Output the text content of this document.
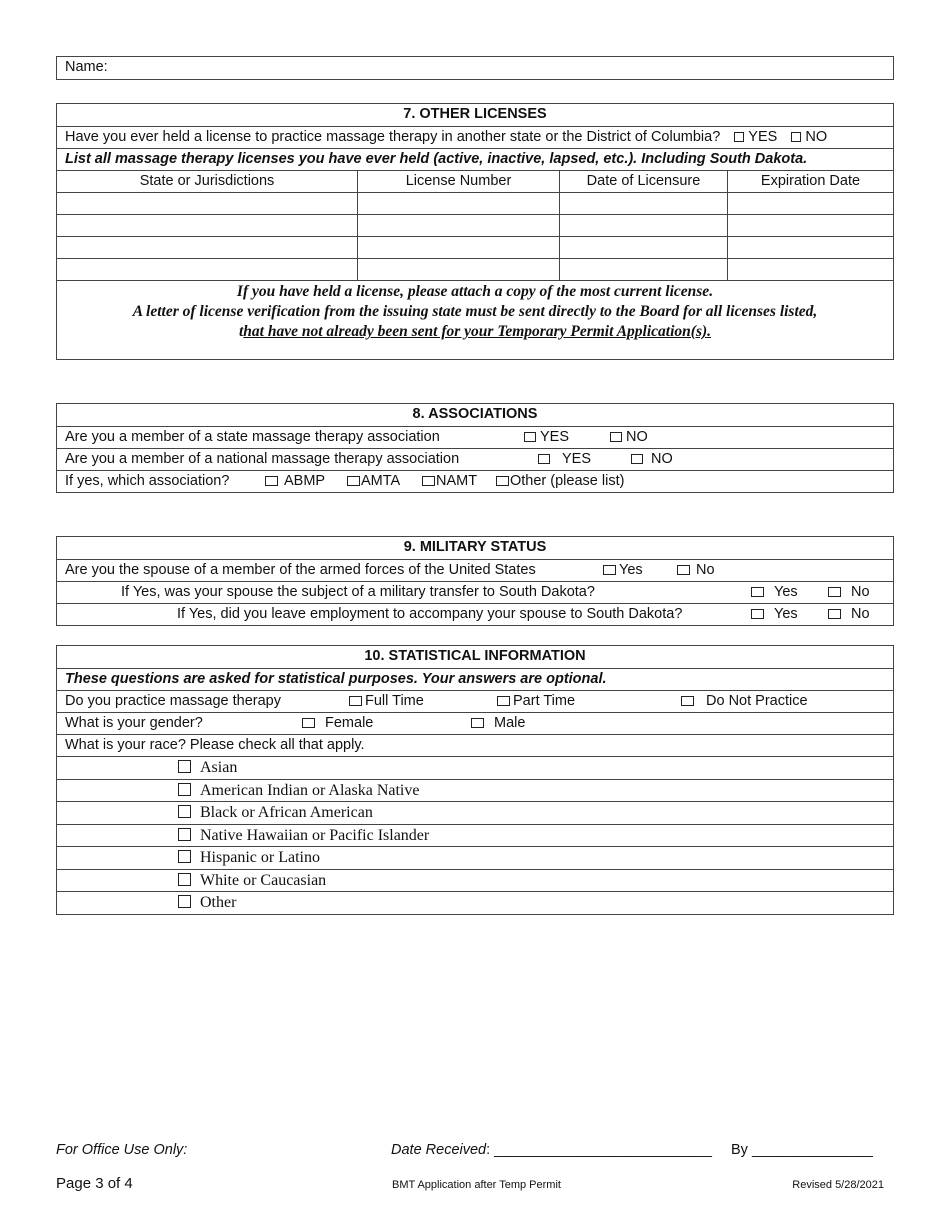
Name:
7. OTHER LICENSES
Have you ever held a license to practice massage therapy in another state or the District of Columbia? YES NO
List all massage therapy licenses you have ever held (active, inactive, lapsed, etc.). Including South Dakota.
State or Jurisdictions	License Number	Date of Licensure	Expiration Date
If you have held a license, please attach a copy of the most current license.
A letter of license verification from the issuing state must be sent directly to the Board for all licenses listed,
that have not already been sent for your Temporary Permit Application(s).
8. ASSOCIATIONS
Are you a member of a state massage therapy association	YES	NO
Are you a member of a national massage therapy association	YES	NO
If yes, which association?	ABMP	AMTA	NAMT	Other (please list)
9. MILITARY STATUS
Are you the spouse of a member of the armed forces of the United States	Yes	No
If Yes, was your spouse the subject of a military transfer to South Dakota?	Yes	No
If Yes, did you leave employment to accompany your spouse to South Dakota?	Yes	No
10. STATISTICAL INFORMATION
These questions are asked for statistical purposes. Your answers are optional.
Do you practice massage therapy	Full Time	Part Time	Do Not Practice
What is your gender?	Female	Male
What is your race? Please check all that apply.
Asian
American Indian or Alaska Native
Black or African American
Native Hawaiian or Pacific Islander
Hispanic or Latino
White or Caucasian
Other
For Office Use Only:	Date Received: ___________________________ By _______________
Page 3 of 4	BMT Application after Temp Permit	Revised 5/28/2021
